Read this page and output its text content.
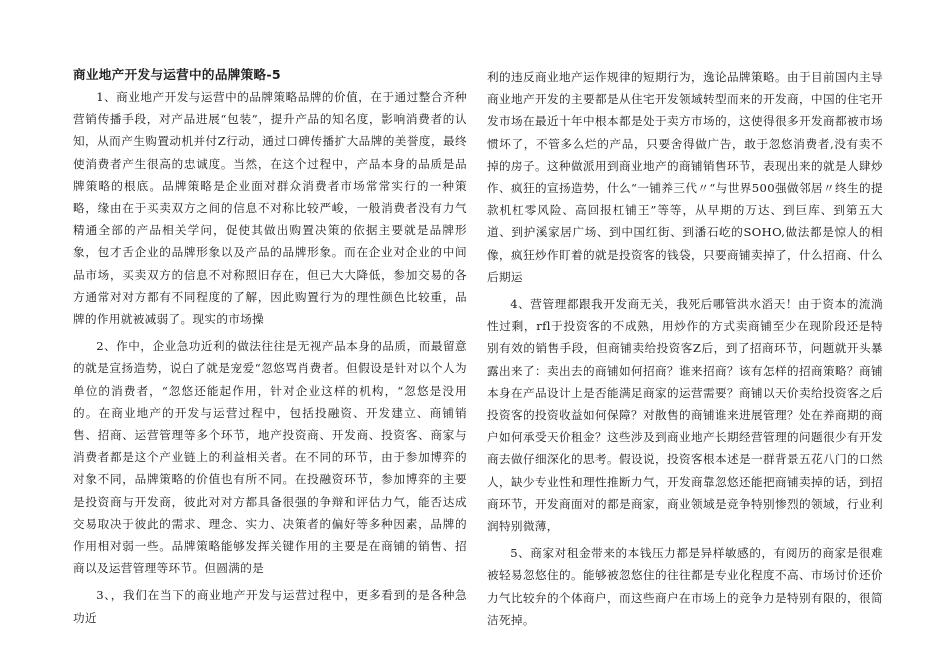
商业地产开发与运营中的品牌策略-5

1、商业地产开发与运营中的品牌策略品牌的价值，在于通过整合齐种营销传播手段，对产品进展“包装”，提升产品的知名度，影响消费者的认知，从而产生购置动机并付Z行动，通过口碑传播扩大品牌的美誉度，最终使消费者产生很高的忠诚度。当然，在这个过程中，产品本身的品质是品牌策略的根底。品牌策略是企业面对群众消费者市场常常实行的一种策略，缘由在于买卖双方之间的信息不对称比较严峻，一般消费者没有力气精通全部的产品相关学问，促使其做出购置决策的依据主要就是品牌形象，包才舌企业的品牌形象以及产品的品牌形象。而在企业对企业的中间品市场，买卖双方的信息不对称照旧存在，但已大大降低，参加交易的各方通常对对方都有不同程度的了解，因此购置行为的理性颜色比较重，品牌的作用就被减弱了。现实的市场操

2、作中，企业急功近利的做法往往是无视产品本身的品质，而最留意的就是宣扬造势，说白了就是宠爱“忽悠骂肖费者。但假设是针对以个人为单位的消费者，“忽悠还能起作用，针对企业这样的机构，“忽悠是没用的。在商业地产的开发与运营过程中，包括投融资、开发建立、商铺销售、招商、运营管理等多个环节，地产投资商、开发商、投资客、商家与消费者都是这个产业链上的利益相关者。在不同的环节，由于参加博弈的对象不同，品牌策略的价值也有所不同。在投融资环节，参加博弈的主要是投资商与开发商，彼此对对方都具备很强的争辩和评估力气，能否达成交易取决于彼此的需求、理念、实力、决策者的偏好等多种因素，品牌的作用相对弱一些。品牌策略能够发挥关键作用的主要是在商铺的销售、招商以及运营管理等环节。但圆满的是

3、，我们在当下的商业地产开发与运营过程中，更多看到的是各种急功近

利的违反商业地产运作规律的短期行为，逸论品牌策略。由于目前国内主导商业地产开发的主要都是从住宅开发领域转型而来的开发商，中国的住宅开发市场在最近十年中根本都是处于卖方市场的，这使得很多开发商都被市场惯坏了，不管多么烂的产品，只要舍得做广告，敢于忽悠消费者,没有卖不掉的房子。这种做派用到商业地产的商铺销售环节，表现出来的就是人肆炒作、疯狂的宣扬造势，什么“一铺养三代〃“与世界500强做邻居〃终生的提款机杠零风险、高回报杠铺王”等等，从早期的万达、到巨库、到第五大道、到护溪家居广场、到中国红街、到潘石屹的SOHO,做法都是惊人的相像，疯狂炒作盯着的就是投资客的钱袋，只要商铺卖掉了，什么招商、什么后期运

4、营管理都跟我开发商无关，我死后哪管洪水滔天！由于资本的流淌性过剩，rfl于投资客的不成熟，用炒作的方式卖商铺至少在现阶段还是特别有效的销售手段，但商铺卖给投资客Z后，到了招商环节，问题就开头暴露出来了：卖出去的商铺如何招商？谁来招商？该有怎样的招商策略？商铺本身在产品设计上是否能满足商家的运营需要？商铺以天价卖给投资客之后投资客的投资收益如何保障？对散售的商铺谁来进展管理？处在养商期的商户如何承受天价租金？这些涉及到商业地产长期经营管理的问题很少有开发商去做仔细深化的思考。假设说，投资客根本述是一群背景五花八门的口然人，缺少专业性和理性推断力气，开发商靠忽悠还能把商铺卖掉的话，到招商环节，开发商面对的都是商家，商业领域是竞争特别惨烈的领域，行业利润特别微薄，

5、商家对租金带来的本钱压力都是异样敏感的，有阅历的商家是很难被轻易忽悠住的。能够被忽悠住的往往都是专业化程度不高、市场讨价还价力气比较弁的个体商户，而这些商户在市场上的竞争力是特别有限的，很简洁死掉。
